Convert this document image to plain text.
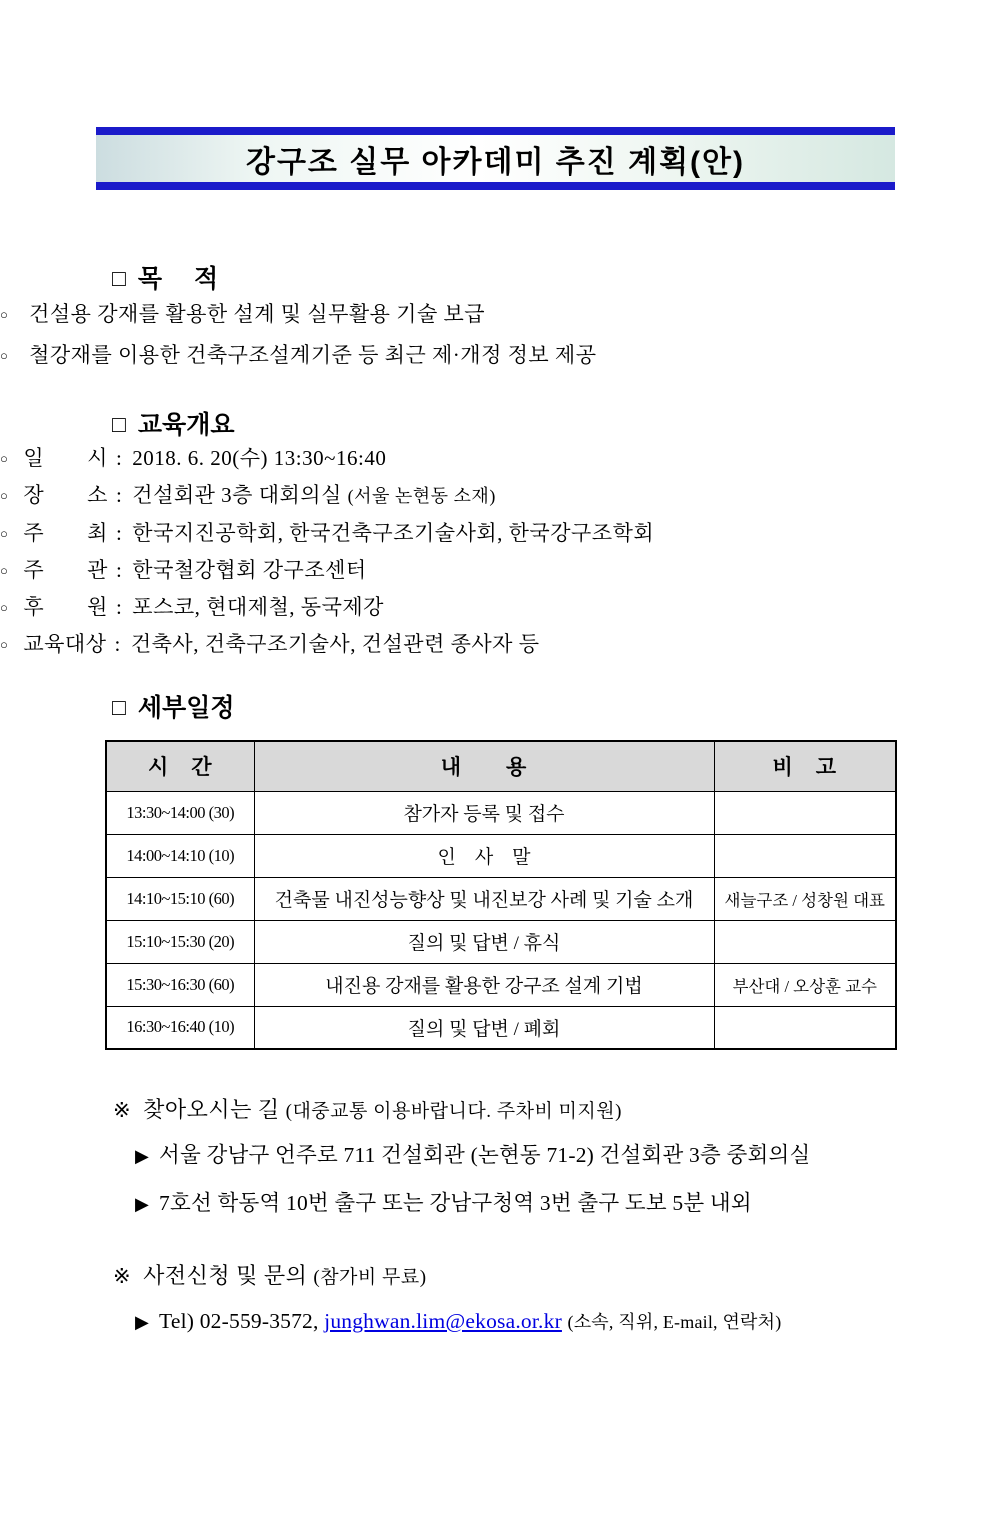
강구조 실무 아카데미 추진 계획(안)
□ 목　 적
○ 건설용 강재를 활용한 설계 및 실무활용 기술 보급
○ 철강재를 이용한 건축구조설계기준 등 최근 제·개정 정보 제공
□ 교육개요
○ 일　　시 : 2018. 6. 20(수) 13:30~16:40
○ 장　　소 : 건설회관 3층 대회의실 (서울 논현동 소재)
○ 주　　최 : 한국지진공학회, 한국건축구조기술사회, 한국강구조학회
○ 주　　관 : 한국철강협회 강구조센터
○ 후　　원 : 포스코, 현대제철, 동국제강
○ 교육대상 : 건축사, 건축구조기술사, 건설관련 종사자 등
□ 세부일정
시　간	내　　용	비　고
13:30~14:00 (30)	참가자 등록 및 접수	
14:00~14:10 (10)	인　사　말	
14:10~15:10 (60)	건축물 내진성능향상 및 내진보강 사례 및 기술 소개	새늘구조 / 성창원 대표
15:10~15:30 (20)	질의 및 답변 / 휴식	
15:30~16:30 (60)	내진용 강재를 활용한 강구조 설계 기법	부산대 / 오상훈 교수
16:30~16:40 (10)	질의 및 답변 / 폐회	
※ 찾아오시는 길 (대중교통 이용바랍니다. 주차비 미지원)
▶ 서울 강남구 언주로 711 건설회관 (논현동 71-2) 건설회관 3층 중회의실
▶ 7호선 학동역 10번 출구 또는 강남구청역 3번 출구 도보 5분 내외
※ 사전신청 및 문의 (참가비 무료)
▶ Tel) 02-559-3572, junghwan.lim@ekosa.or.kr (소속, 직위, E-mail, 연락처)
